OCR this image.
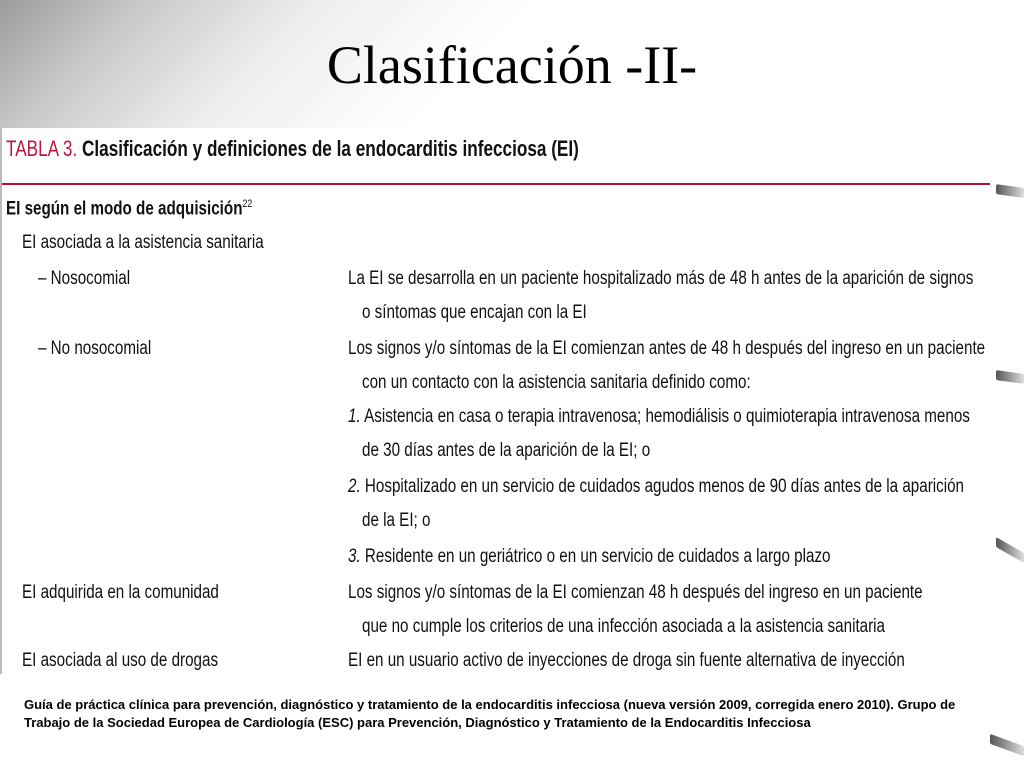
Clasificación -II-
TABLA 3. Clasificación y definiciones de la endocarditis infecciosa (EI)
EI según el modo de adquisición$^{22}$
EI asociada a la asistencia sanitaria
– Nosocomial	La EI se desarrolla en un paciente hospitalizado más de 48 h antes de la aparición de signos
o síntomas que encajan con la EI
– No nosocomial	Los signos y/o síntomas de la EI comienzan antes de 48 h después del ingreso en un paciente
con un contacto con la asistencia sanitaria definido como:
1. Asistencia en casa o terapia intravenosa; hemodiálisis o quimioterapia intravenosa menos
de 30 días antes de la aparición de la EI; o
2. Hospitalizado en un servicio de cuidados agudos menos de 90 días antes de la aparición
de la EI; o
3. Residente en un geriátrico o en un servicio de cuidados a largo plazo
EI adquirida en la comunidad	Los signos y/o síntomas de la EI comienzan 48 h después del ingreso en un paciente
que no cumple los criterios de una infección asociada a la asistencia sanitaria
EI asociada al uso de drogas	EI en un usuario activo de inyecciones de droga sin fuente alternativa de inyección
Guía de práctica clínica para prevención, diagnóstico y tratamiento de la endocarditis infecciosa (nueva versión 2009, corregida enero 2010). Grupo de Trabajo de la Sociedad Europea de Cardiología (ESC) para Prevención, Diagnóstico y Tratamiento de la Endocarditis Infecciosa
